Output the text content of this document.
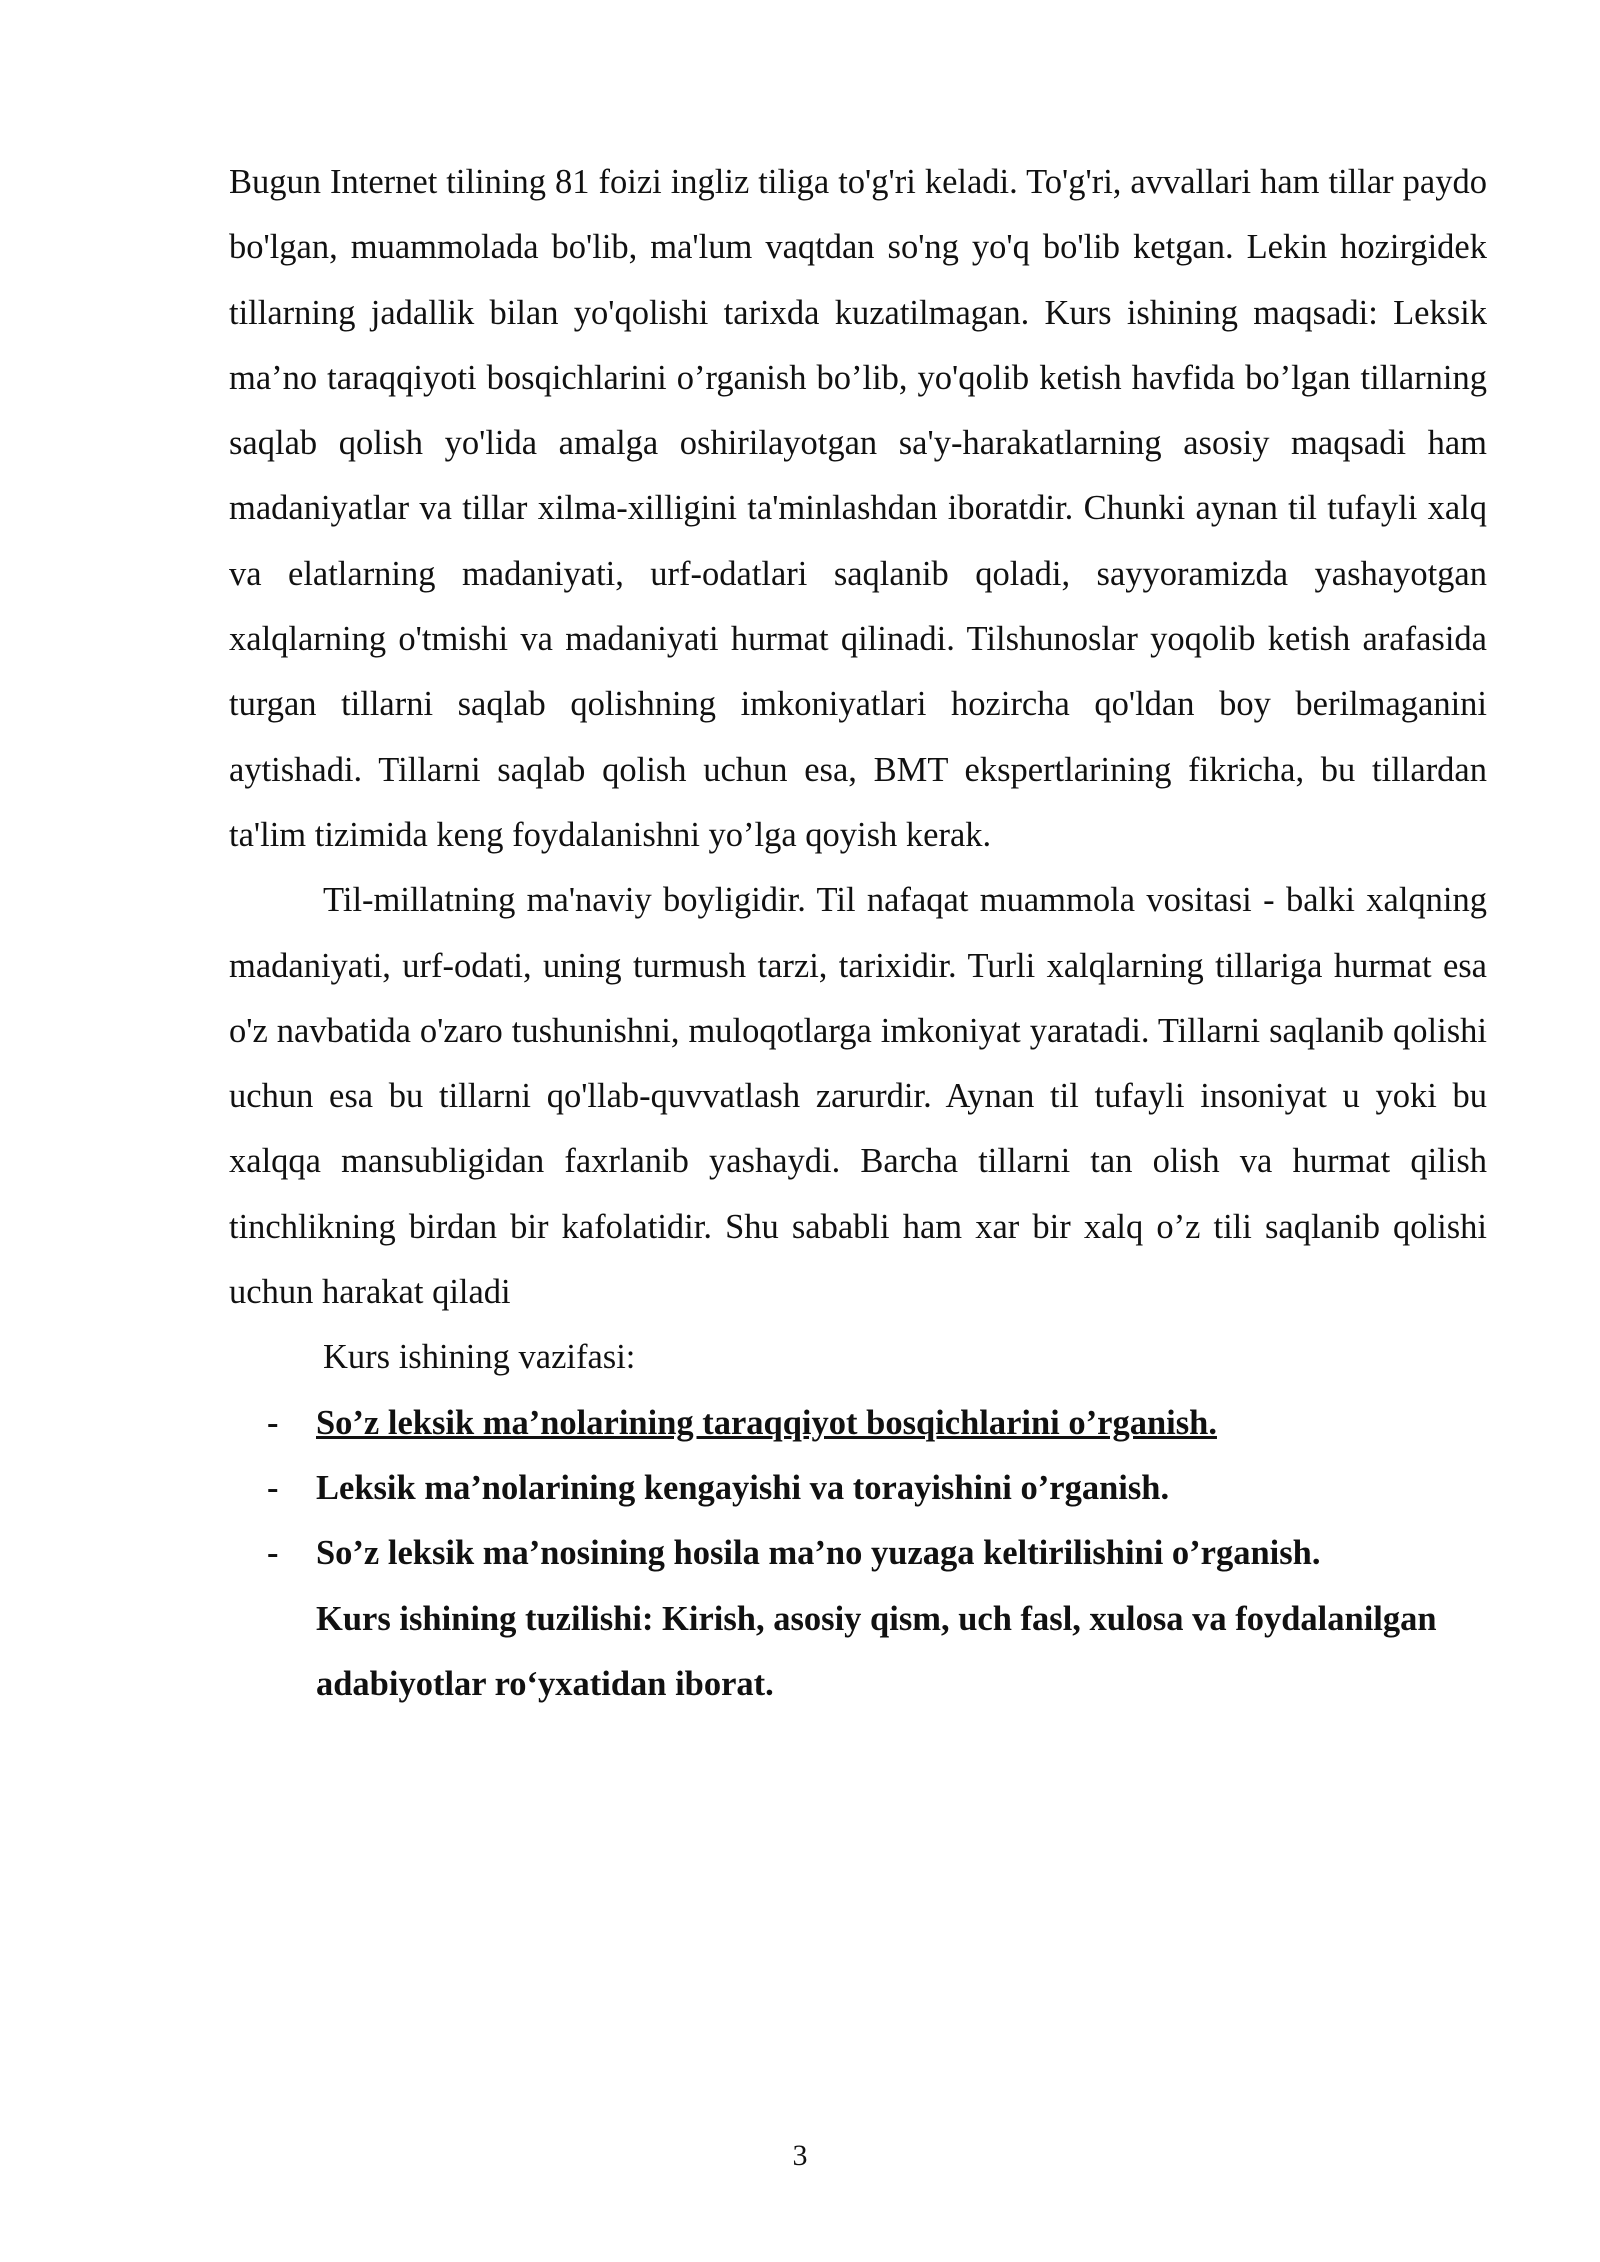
Bugun Internet tilining 81 foizi ingliz tiliga to'g'ri keladi. To'g'ri, avvallari ham tillar paydo bo'lgan, muammolada bo'lib, ma'lum vaqtdan so'ng yo'q bo'lib ketgan. Lekin hozirgidek tillarning jadallik bilan yo'qolishi tarixda kuzatilmagan. Kurs ishining maqsadi: Leksik ma’no taraqqiyoti bosqichlarini o’rganish bo’lib, yo'qolib ketish havfida bo’lgan tillarning saqlab qolish yo'lida amalga oshirilayotgan sa'y-harakatlarning asosiy maqsadi ham madaniyatlar va tillar xilma-xilligini ta'minlashdan iboratdir. Chunki aynan til tufayli xalq va elatlarning madaniyati, urf-odatlari saqlanib qoladi, sayyoramizda yashayotgan xalqlarning o'tmishi va madaniyati hurmat qilinadi. Tilshunoslar yoqolib ketish arafasida turgan tillarni saqlab qolishning imkoniyatlari hozircha qo'ldan boy berilmaganini aytishadi. Tillarni saqlab qolish uchun esa, BMT ekspertlarining fikricha, bu tillardan ta'lim tizimida keng foydalanishni yo’lga qoyish kerak.

Til-millatning ma'naviy boyligidir. Til nafaqat muammola vositasi - balki xalqning madaniyati, urf-odati, uning turmush tarzi, tarixidir. Turli xalqlarning tillariga hurmat esa o'z navbatida o'zaro tushunishni, muloqotlarga imkoniyat yaratadi. Tillarni saqlanib qolishi uchun esa bu tillarni qo'llab-quvvatlash zarurdir. Aynan til tufayli insoniyat u yoki bu xalqqa mansubligidan faxrlanib yashaydi. Barcha tillarni tan olish va hurmat qilish tinchlikning birdan bir kafolatidir. Shu sababli ham xar bir xalq o’z tili saqlanib qolishi uchun harakat qiladi

Kurs ishining vazifasi:

- So’z leksik ma’nolarining taraqqiyot bosqichlarini o’rganish.
- Leksik ma’nolarining kengayishi va torayishini o’rganish.
- So’z leksik ma’nosining hosila ma’no yuzaga keltirilishini o’rganish.

Kurs ishining tuzilishi: Kirish, asosiy qism, uch fasl, xulosa va foydalanilgan adabiyotlar ro‘yxatidan iborat.

3
